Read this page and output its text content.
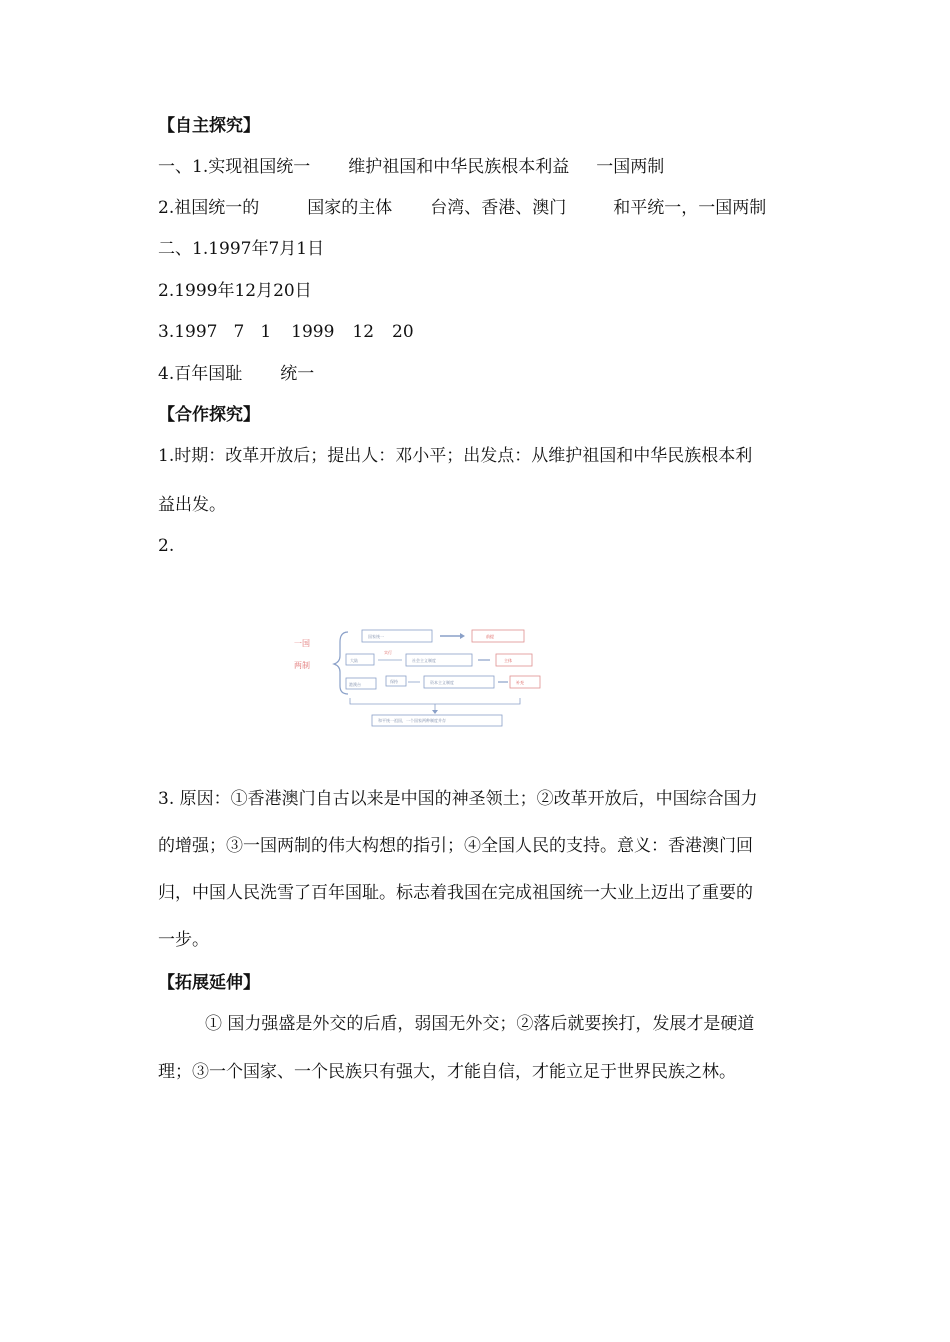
【自主探究】
一、1.实现祖国统一 维护祖国和中华民族根本利益 一国两制
2.祖国统一的	国家的主体 台湾、香港、澳门	和平统一，一国两制
二、1.1997年7月1日
2.1999年12月20日
3.1997 7 1 1999 12 20
4.百年国耻 统一
【合作探究】
1.时期：改革开放后；提出人：邓小平；出发点：从维护祖国和中华民族根本利
益出发。
2.
一国
两制
国家统一	前提
大陆
实行
社会主义制度	主体
港澳台
保持	资本主义制度	补充
和平统一祖国，一个国家两种制度并存
3. 原因：①香港澳门自古以来是中国的神圣领土；②改革开放后，中国综合国力
的增强；③一国两制的伟大构想的指引；④全国人民的支持。意义：香港澳门回
归，中国人民洗雪了百年国耻。标志着我国在完成祖国统一大业上迈出了重要的
一步。
【拓展延伸】
① 国力强盛是外交的后盾，弱国无外交；②落后就要挨打，发展才是硬道
理；③一个国家、一个民族只有强大，才能自信，才能立足于世界民族之林。
